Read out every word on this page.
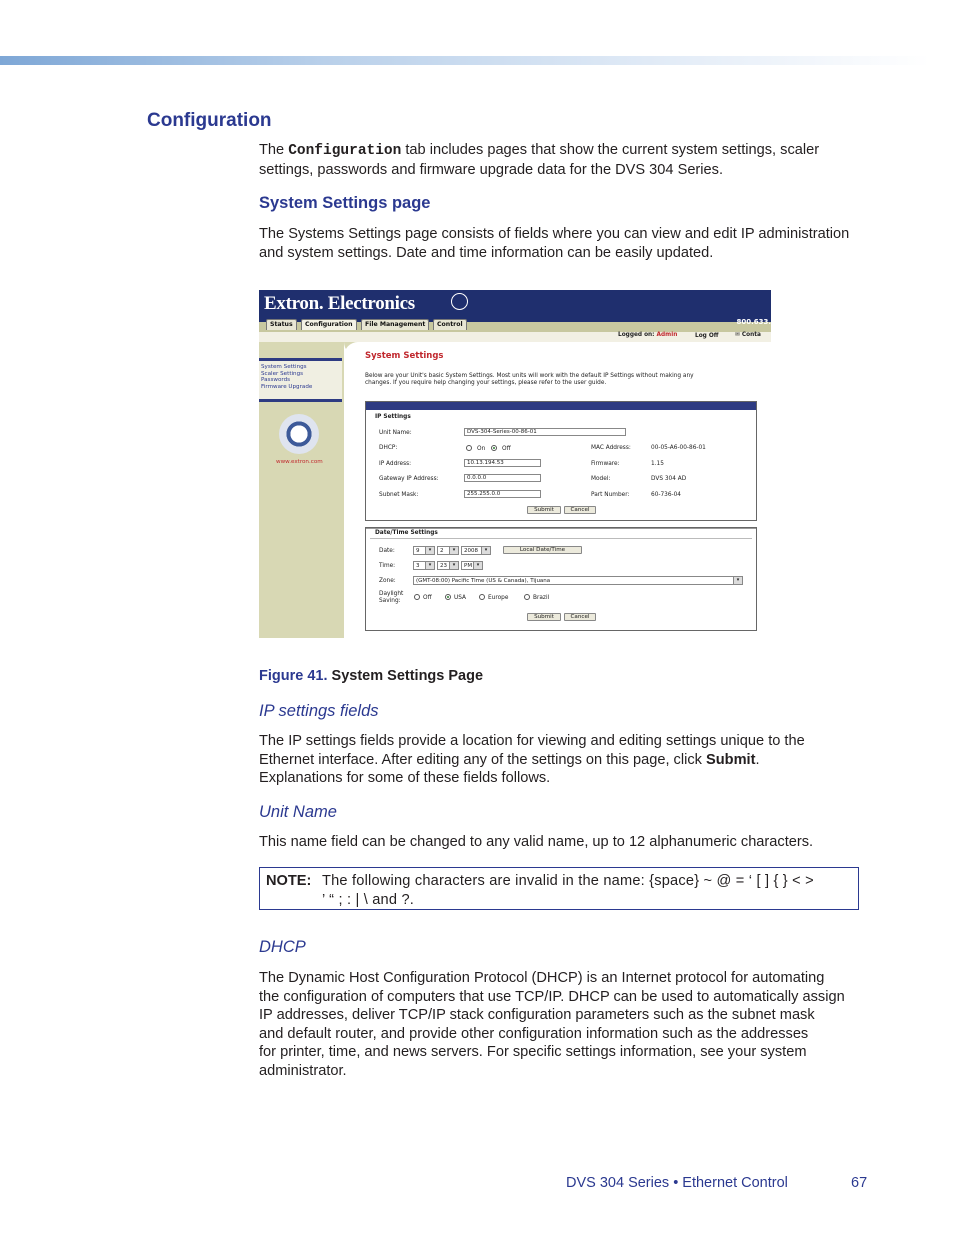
Configuration
The Configuration tab includes pages that show the current system settings, scaler
settings, passwords and firmware upgrade data for the DVS 304 Series.
System Settings page
The Systems Settings page consists of fields where you can view and edit IP administration
and system settings. Date and time information can be easily updated.
Extron. Electronics
Status	Configuration	File Management	Control	800.633.
Logged on: Admin	Log Off	✉ Conta
System Settings
Scaler Settings
Passwords
Firmware Upgrade
www.extron.com
System Settings
Below are your Unit's basic System Settings. Most units will work with the default IP Settings without making any
changes. If you require help changing your settings, please refer to the user guide.
IP Settings
Unit Name:	DVS-304-Series-00-86-01
DHCP:	On	Off
IP Address:	10.13.194.53
Gateway IP Address:	0.0.0.0
Subnet Mask:	255.255.0.0
MAC Address:	00-05-A6-00-86-01
Firmware:	1.15
Model:	DVS 304 AD
Part Number:	60-736-04
Submit	Cancel
Date/Time Settings
Date:	9	▾	2	▾	2008	▾	Local Date/Time
Time:	3	▾	23	▾	PM ▾
Zone:	(GMT-08:00) Pacific Time (US & Canada), Tijuana	▾
Daylight
Saving:	Off	USA	Europe	Brazil
Submit	Cancel
Figure 41. System Settings Page
IP settings fields
The IP settings fields provide a location for viewing and editing settings unique to the
Ethernet interface. After editing any of the settings on this page, click Submit.
Explanations for some of these fields follows.
Unit Name
This name field can be changed to any valid name, up to 12 alphanumeric characters.
NOTE: The following characters are invalid in the name: {space} ~ @ = ‘ [ ] { } < >
’ “ ; : | \ and ?.
DHCP
The Dynamic Host Configuration Protocol (DHCP) is an Internet protocol for automating
the configuration of computers that use TCP/IP. DHCP can be used to automatically assign
IP addresses, deliver TCP/IP stack configuration parameters such as the subnet mask
and default router, and provide other configuration information such as the addresses
for printer, time, and news servers. For specific settings information, see your system
administrator.
DVS 304 Series • Ethernet Control	67
